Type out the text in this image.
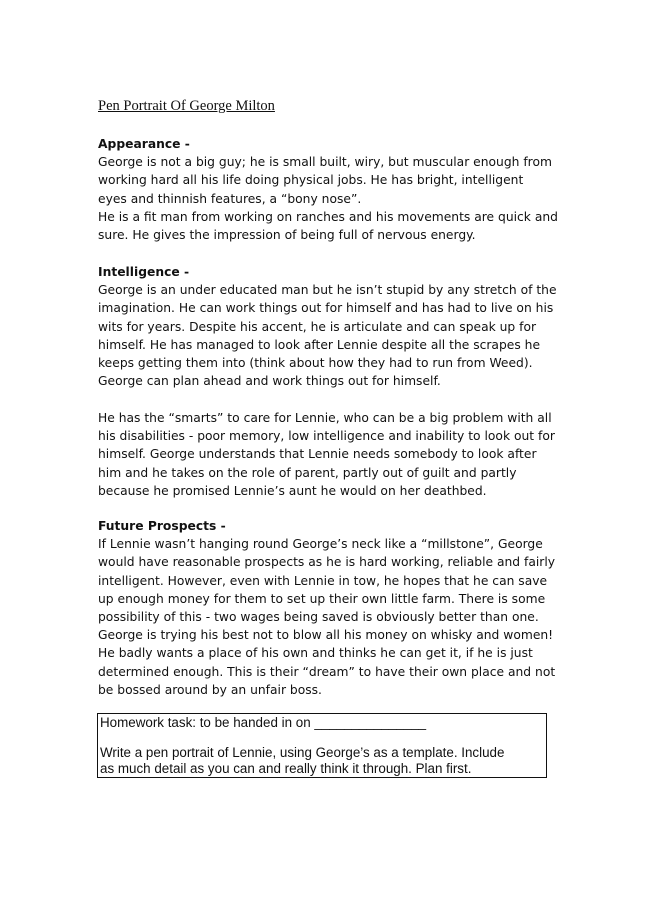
Pen Portrait Of George Milton
Appearance -
George is not a big guy; he is small built, wiry, but muscular enough from
working hard all his life doing physical jobs. He has bright, intelligent
eyes and thinnish features, a “bony nose”.
He is a fit man from working on ranches and his movements are quick and
sure. He gives the impression of being full of nervous energy.
Intelligence -
George is an under educated man but he isn’t stupid by any stretch of the
imagination. He can work things out for himself and has had to live on his
wits for years. Despite his accent, he is articulate and can speak up for
himself. He has managed to look after Lennie despite all the scrapes he
keeps getting them into (think about how they had to run from Weed).
George can plan ahead and work things out for himself.
He has the “smarts” to care for Lennie, who can be a big problem with all
his disabilities - poor memory, low intelligence and inability to look out for
himself. George understands that Lennie needs somebody to look after
him and he takes on the role of parent, partly out of guilt and partly
because he promised Lennie’s aunt he would on her deathbed.
Future Prospects -
If Lennie wasn’t hanging round George’s neck like a “millstone”, George
would have reasonable prospects as he is hard working, reliable and fairly
intelligent. However, even with Lennie in tow, he hopes that he can save
up enough money for them to set up their own little farm. There is some
possibility of this - two wages being saved is obviously better than one.
George is trying his best not to blow all his money on whisky and women!
He badly wants a place of his own and thinks he can get it, if he is just
determined enough. This is their “dream” to have their own place and not
be bossed around by an unfair boss.
Homework task: to be handed in on _______________
Write a pen portrait of Lennie, using George’s as a template. Include
as much detail as you can and really think it through. Plan first.
